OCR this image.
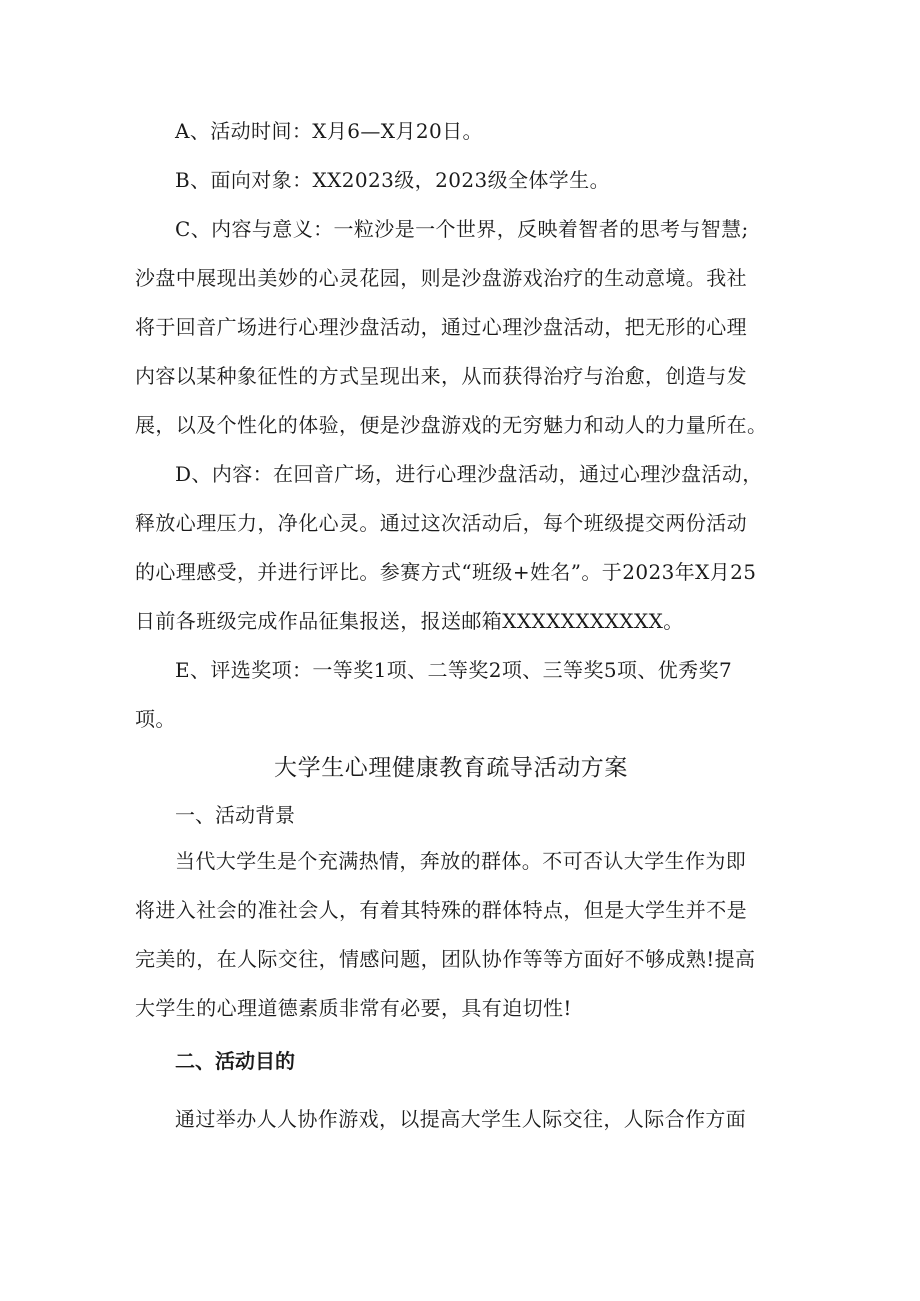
A、活动时间：X月6—X月20日。
B、面向对象：XX2023级，2023级全体学生。
C、内容与意义：一粒沙是一个世界，反映着智者的思考与智慧;
沙盘中展现出美妙的心灵花园，则是沙盘游戏治疗的生动意境。我社
将于回音广场进行心理沙盘活动，通过心理沙盘活动，把无形的心理
内容以某种象征性的方式呈现出来，从而获得治疗与治愈，创造与发
展，以及个性化的体验，便是沙盘游戏的无穷魅力和动人的力量所在。
D、内容：在回音广场，进行心理沙盘活动，通过心理沙盘活动，
释放心理压力，净化心灵。通过这次活动后，每个班级提交两份活动
的心理感受，并进行评比。参赛方式“班级+姓名”。于2023年X月25
日前各班级完成作品征集报送，报送邮箱XXXXXXXXXXX。
E、评选奖项：一等奖1项、二等奖2项、三等奖5项、优秀奖7
项。
大学生心理健康教育疏导活动方案
一、活动背景
当代大学生是个充满热情，奔放的群体。不可否认大学生作为即
将进入社会的准社会人，有着其特殊的群体特点，但是大学生并不是
完美的，在人际交往，情感问题，团队协作等等方面好不够成熟!提高
大学生的心理道德素质非常有必要，具有迫切性!
二、活动目的
通过举办人人协作游戏，以提高大学生人际交往，人际合作方面
